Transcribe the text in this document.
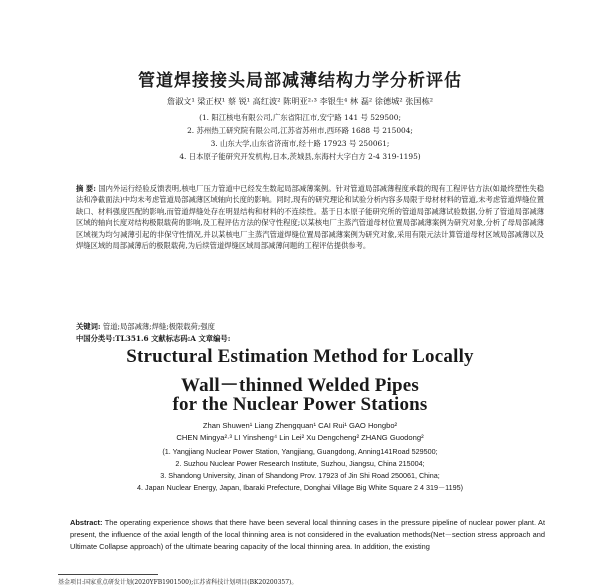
管道焊接接头局部减薄结构力学分析评估
詹淑文¹ 梁正权¹ 蔡 锐¹ 高红波² 陈明亚²·³ 李银生⁴ 林 磊² 徐德城² 张国栋²
(1. 阳江核电有限公司,广东省阳江市,安宁路 141 号 529500;
2. 苏州热工研究院有限公司,江苏省苏州市,西环路 1688 号 215004;
3. 山东大学,山东省济南市,经十路 17923 号 250061;
4. 日本原子能研究开发机构,日本,茨城县,东海村大字白方 2-4 319-1195)
摘 要: 国内外运行经验反馈表明,核电厂压力管道中已经发生数起局部减薄案例。针对管道局部减薄程度承载的现有工程评估方法(如最终塑性失稳法和净截面法)中均未考虑管道局部减薄区域轴向长度的影响。同时,现有的研究理论和试验分析内容多局限于母材材料的管道,未考虑管道焊缝位置缺口、材料强度匹配的影响,而管道焊缝处存在明显结构和材料的不连续性。基于日本原子能研究所的管道局部减薄试验数据,分析了管道局部减薄区域的轴向长度对结构极限载荷的影响,及工程评估方法的保守性程度;以某核电厂主蒸汽管道母材位置局部减薄案例为研究对象,分析了母局部减薄区域视为均匀减薄引起的非保守性情况,并以某核电厂主蒸汽管道焊缝位置局部减薄案例为研究对象,采用有限元法计算管道母材区域局部减薄以及焊缝区域的局部减薄后的极限载荷,为后续管道焊缝区域局部减薄问题的工程评估提供参考。
关键词: 管道;局部减薄;焊缝;极限载荷;强度
中国分类号:TL351.6 文献标志码:A 文章编号:
Structural Estimation Method for Locally
Wall－thinned Welded Pipes
for the Nuclear Power Stations
Zhan Shuwen¹ Liang Zhengquan¹ CAI Rui¹ GAO Hongbo²
CHEN Mingya²·³ LI Yinsheng⁴ Lin Lei² Xu Dengcheng² ZHANG Guodong²
(1. Yangjiang Nuclear Power Station, Yangjiang, Guangdong, Anning141Road 529500;
2. Suzhou Nuclear Power Research Institute, Suzhou, Jiangsu, China 215004;
3. Shandong University, Jinan of Shandong Prov. 17923 of Jin Shi Road 250061, China;
4. Japan Nuclear Energy, Japan, Ibaraki Prefecture, Donghai Village Big White Square 2 4 319－1195)
Abstract: The operating experience shows that there have been several local thinning cases in the pressure pipeline of nuclear power plant. At present, the influence of the axial length of the local thinning area is not considered in the evaluation methods(Net－section stress approach and Ultimate Collapse approach) of the ultimate bearing capacity of the local thinning area. In addition, the existing
基金项目:国家重点研发计划(2020YFB1901500);江苏省科技计划项目(BK20200357)。
